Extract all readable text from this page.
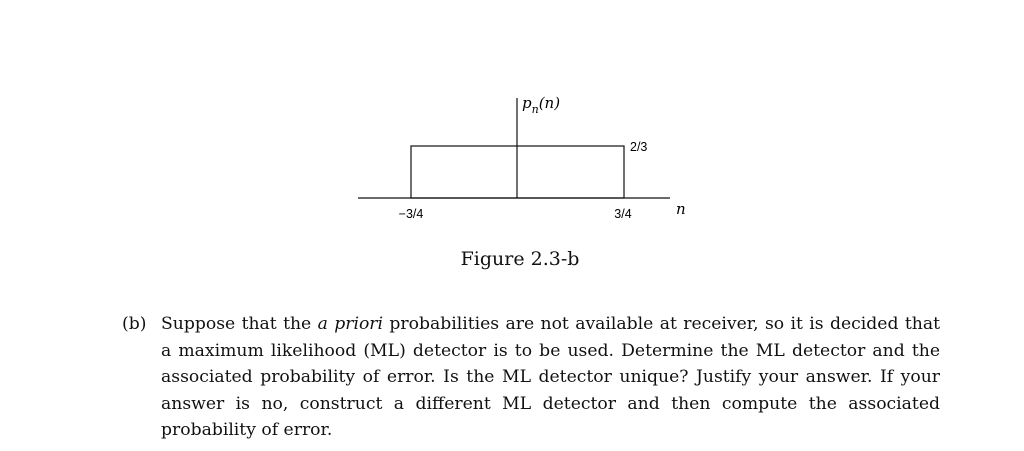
$p_n(n)$
2/3
−3/4	3/4	n
Figure 2.3-b
(b) Suppose that the a priori probabilities are not available at receiver, so it is decided that a maximum likelihood (ML) detector is to be used. Determine the ML detector and the associated probability of error. Is the ML detector unique? Justify your answer. If your answer is no, construct a different ML detector and then compute the associated probability of error.
